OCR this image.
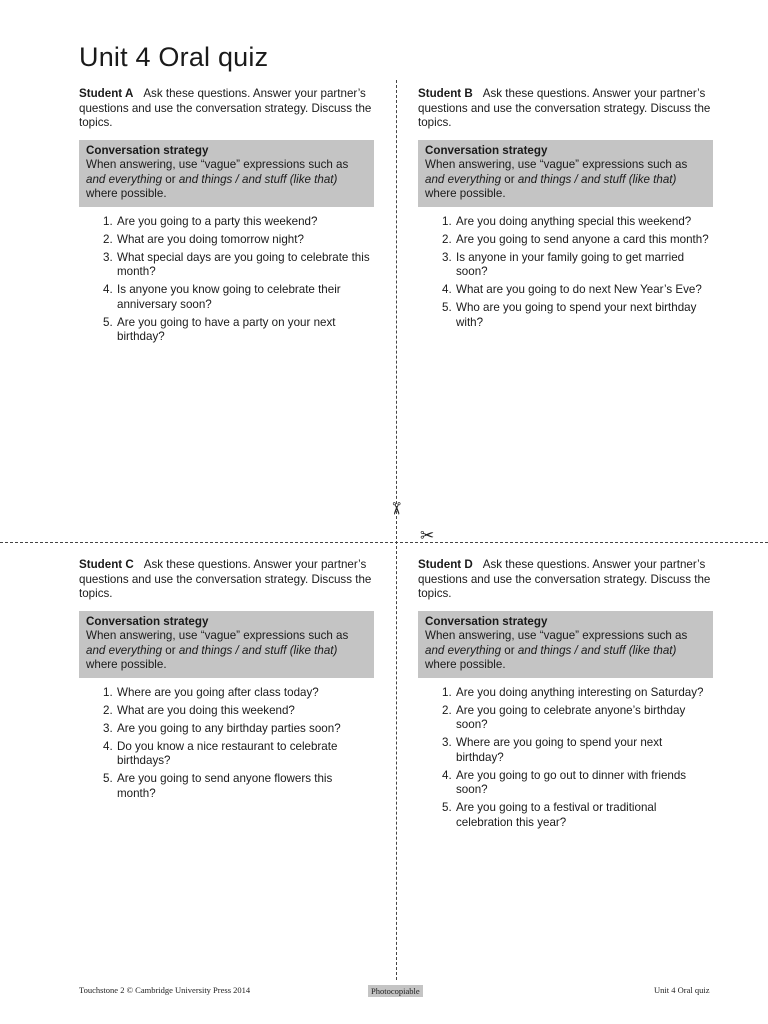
Unit 4 Oral quiz
✂
✂

Student A Ask these questions. Answer your partner’s questions and use the conversation strategy. Discuss the topics.

Conversation strategy
When answering, use “vague” expressions such as
and everything or and things / and stuff (like that)
where possible.
1. Are you going to a party this weekend?
2. What are you doing tomorrow night?
3. What special days are you going to celebrate this month?
4. Is anyone you know going to celebrate their anniversary soon?
5. Are you going to have a party on your next birthday?

Student B Ask these questions. Answer your partner’s questions and use the conversation strategy. Discuss the topics.

Conversation strategy
When answering, use “vague” expressions such as
and everything or and things / and stuff (like that)
where possible.
1. Are you doing anything special this weekend?
2. Are you going to send anyone a card this month?
3. Is anyone in your family going to get married soon?
4. What are you going to do next New Year’s Eve?
5. Who are you going to spend your next birthday with?

Student C Ask these questions. Answer your partner’s questions and use the conversation strategy. Discuss the topics.

Conversation strategy
When answering, use “vague” expressions such as
and everything or and things / and stuff (like that)
where possible.
1. Where are you going after class today?
2. What are you doing this weekend?
3. Are you going to any birthday parties soon?
4. Do you know a nice restaurant to celebrate birthdays?
5. Are you going to send anyone flowers this month?

Student D Ask these questions. Answer your partner’s questions and use the conversation strategy. Discuss the topics.

Conversation strategy
When answering, use “vague” expressions such as
and everything or and things / and stuff (like that)
where possible.
1. Are you doing anything interesting on Saturday?
2. Are you going to celebrate anyone’s birthday soon?
3. Where are you going to spend your next birthday?
4. Are you going to go out to dinner with friends soon?
5. Are you going to a festival or traditional celebration this year?
Touchstone 2 © Cambridge University Press 2014	Photocopiable	Unit 4 Oral quiz
